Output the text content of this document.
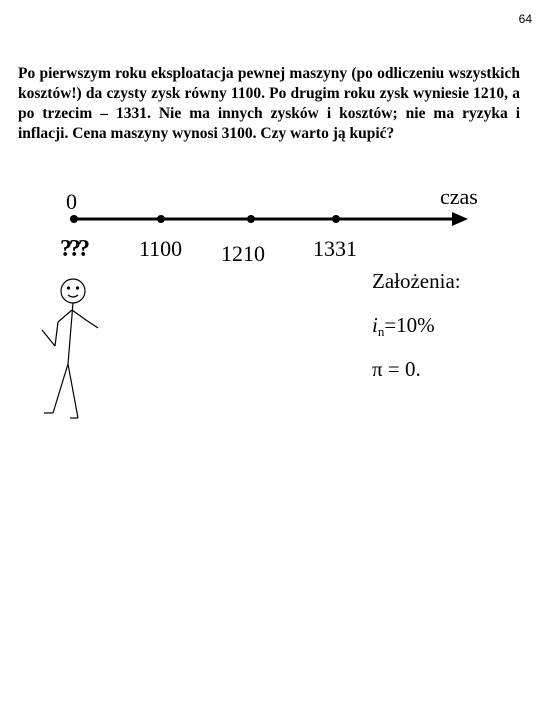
64

Po pierwszym roku eksploatacja pewnej maszyny (po odliczeniu wszystkich kosztów!) da czysty zysk równy 1100. Po drugim roku zysk wyniesie 1210, a po trzecim – 1331. Nie ma innych zysków i kosztów; nie ma ryzyka i inflacji. Cena maszyny wynosi 3100. Czy warto ją kupić?

czas
0
??? 1100 1210 1331
Założenia:
$i_n=10\%$
π = 0.
